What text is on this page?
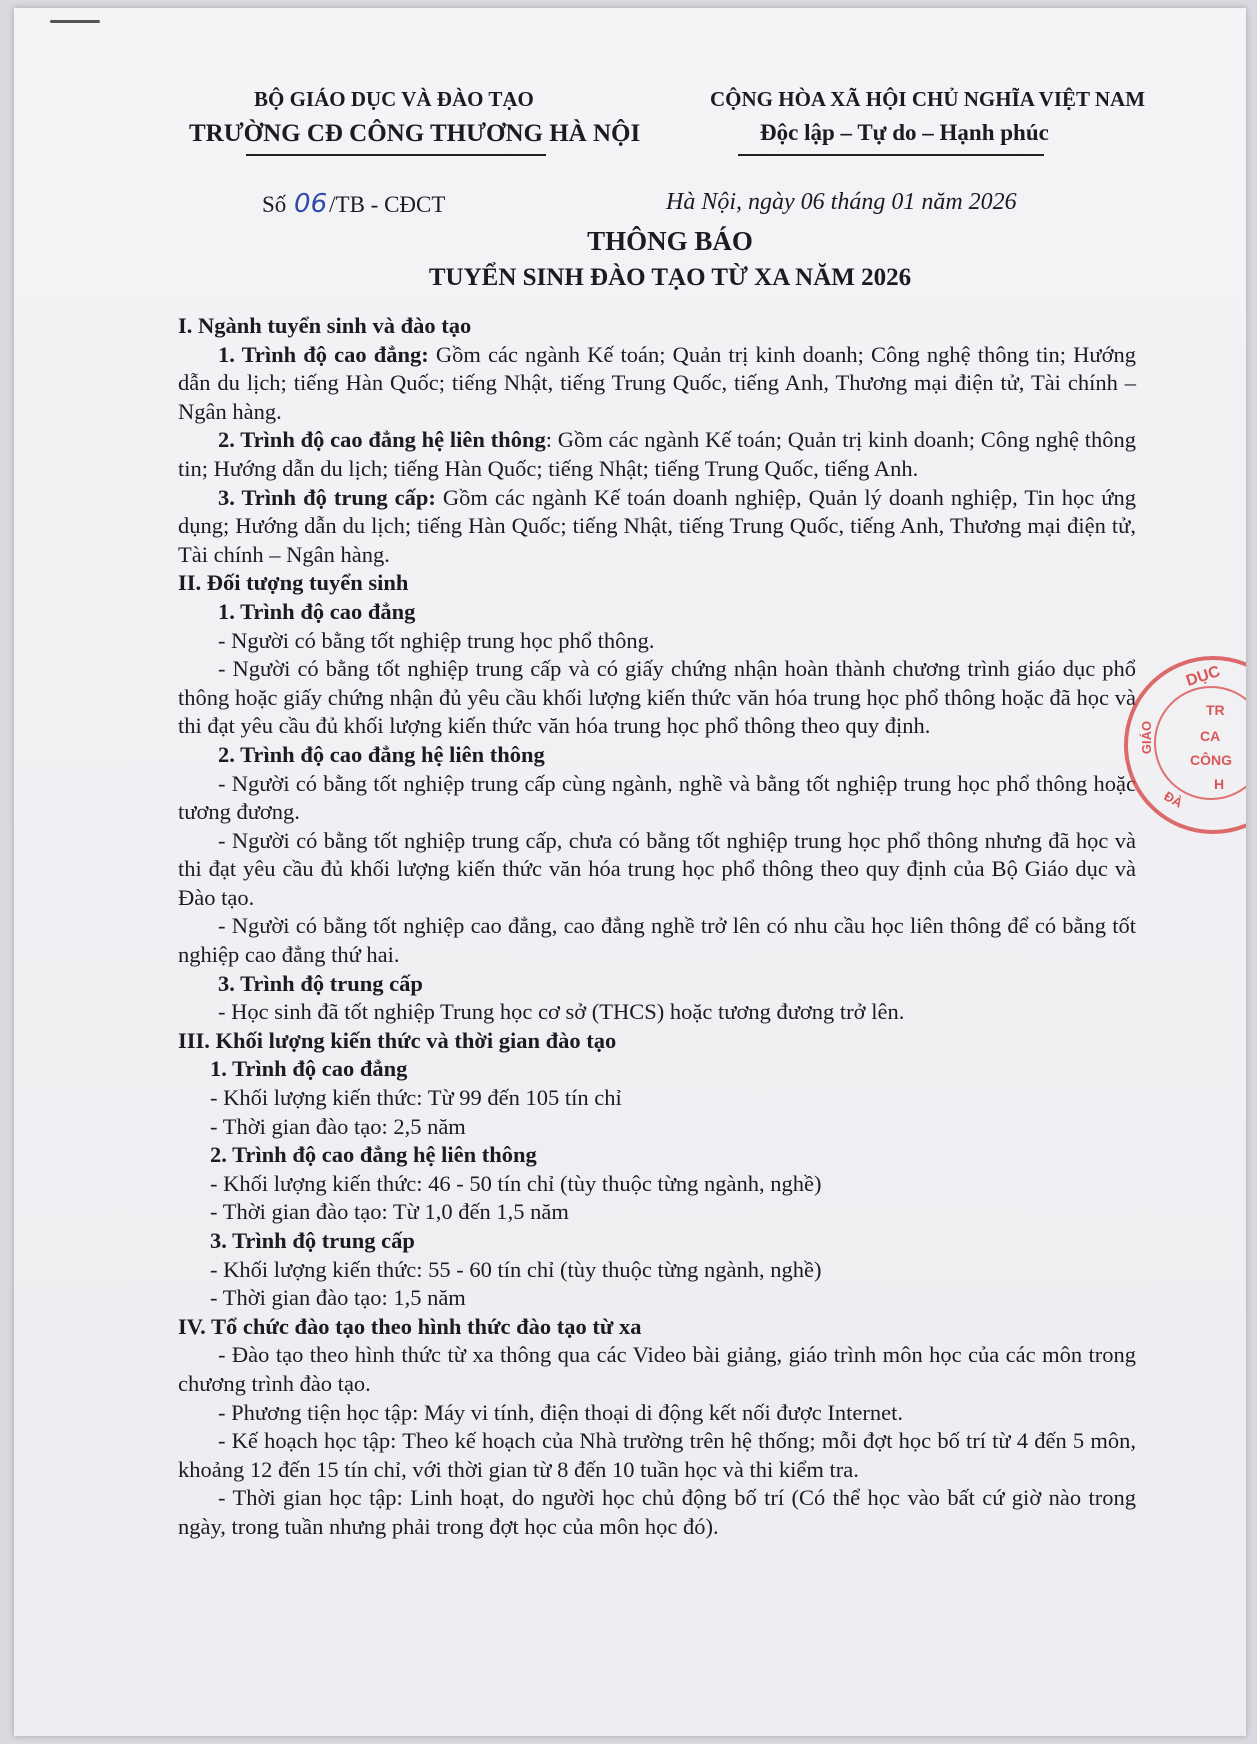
BỘ GIÁO DỤC VÀ ĐÀO TẠO
TRƯỜNG CĐ CÔNG THƯƠNG HÀ NỘI
CỘNG HÒA XÃ HỘI CHỦ NGHĨA VIỆT NAM
Độc lập – Tự do – Hạnh phúc
Số 06/TB - CĐCT	Hà Nội, ngày 06 tháng 01 năm 2026
THÔNG BÁO
TUYỂN SINH ĐÀO TẠO TỪ XA NĂM 2026

I. Ngành tuyển sinh và đào tạo

1. Trình độ cao đẳng: Gồm các ngành Kế toán; Quản trị kinh doanh; Công nghệ thông tin; Hướng dẫn du lịch; tiếng Hàn Quốc; tiếng Nhật, tiếng Trung Quốc, tiếng Anh, Thương mại điện tử, Tài chính – Ngân hàng.

2. Trình độ cao đẳng hệ liên thông: Gồm các ngành Kế toán; Quản trị kinh doanh; Công nghệ thông tin; Hướng dẫn du lịch; tiếng Hàn Quốc; tiếng Nhật; tiếng Trung Quốc, tiếng Anh.

3. Trình độ trung cấp: Gồm các ngành Kế toán doanh nghiệp, Quản lý doanh nghiệp, Tin học ứng dụng; Hướng dẫn du lịch; tiếng Hàn Quốc; tiếng Nhật, tiếng Trung Quốc, tiếng Anh, Thương mại điện tử, Tài chính – Ngân hàng.

II. Đối tượng tuyển sinh

1. Trình độ cao đẳng

- Người có bằng tốt nghiệp trung học phổ thông.

- Người có bằng tốt nghiệp trung cấp và có giấy chứng nhận hoàn thành chương trình giáo dục phổ thông hoặc giấy chứng nhận đủ yêu cầu khối lượng kiến thức văn hóa trung học phổ thông hoặc đã học và thi đạt yêu cầu đủ khối lượng kiến thức văn hóa trung học phổ thông theo quy định.

2. Trình độ cao đẳng hệ liên thông

- Người có bằng tốt nghiệp trung cấp cùng ngành, nghề và bằng tốt nghiệp trung học phổ thông hoặc tương đương.

- Người có bằng tốt nghiệp trung cấp, chưa có bằng tốt nghiệp trung học phổ thông nhưng đã học và thi đạt yêu cầu đủ khối lượng kiến thức văn hóa trung học phổ thông theo quy định của Bộ Giáo dục và Đào tạo.

- Người có bằng tốt nghiệp cao đẳng, cao đẳng nghề trở lên có nhu cầu học liên thông để có bằng tốt nghiệp cao đẳng thứ hai.

3. Trình độ trung cấp

- Học sinh đã tốt nghiệp Trung học cơ sở (THCS) hoặc tương đương trở lên.

III. Khối lượng kiến thức và thời gian đào tạo

1. Trình độ cao đẳng

- Khối lượng kiến thức: Từ 99 đến 105 tín chỉ

- Thời gian đào tạo: 2,5 năm

2. Trình độ cao đẳng hệ liên thông

- Khối lượng kiến thức: 46 - 50 tín chỉ (tùy thuộc từng ngành, nghề)

- Thời gian đào tạo: Từ 1,0 đến 1,5 năm

3. Trình độ trung cấp

- Khối lượng kiến thức: 55 - 60 tín chỉ (tùy thuộc từng ngành, nghề)

- Thời gian đào tạo: 1,5 năm

IV. Tổ chức đào tạo theo hình thức đào tạo từ xa

- Đào tạo theo hình thức từ xa thông qua các Video bài giảng, giáo trình môn học của các môn trong chương trình đào tạo.

- Phương tiện học tập: Máy vi tính, điện thoại di động kết nối được Internet.

- Kế hoạch học tập: Theo kế hoạch của Nhà trường trên hệ thống; mỗi đợt học bố trí từ 4 đến 5 môn, khoảng 12 đến 15 tín chỉ, với thời gian từ 8 đến 10 tuần học và thi kiểm tra.

- Thời gian học tập: Linh hoạt, do người học chủ động bố trí (Có thể học vào bất cứ giờ nào trong ngày, trong tuần nhưng phải trong đợt học của môn học đó).

DỤC
TR
CA
CÔNG
H
GIÁO
ĐÀ
